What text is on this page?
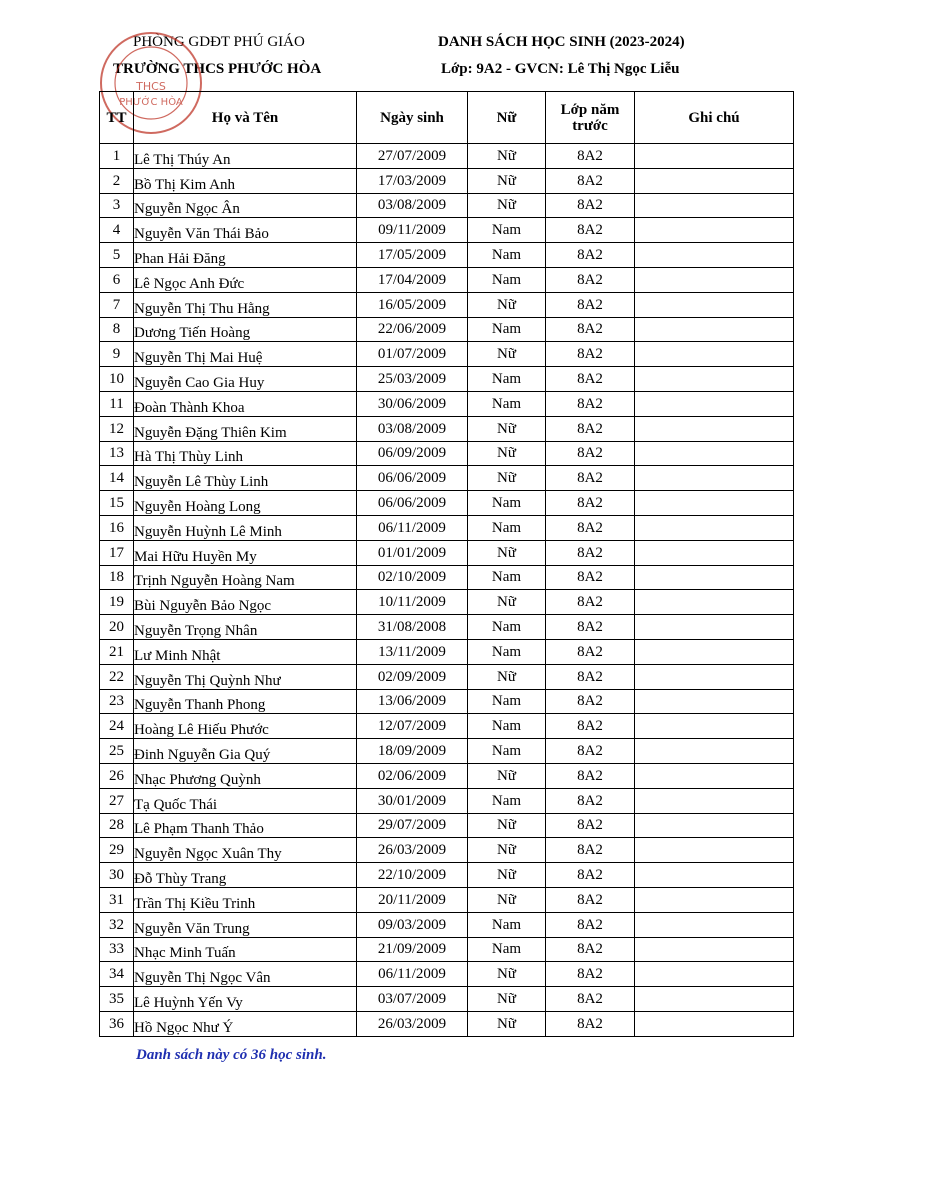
PHÒNG GDĐT PHÚ GIÁO
TRƯỜNG THCS PHƯỚC HÒA
DANH SÁCH HỌC SINH (2023-2024)
Lớp: 9A2 - GVCN: Lê Thị Ngọc Liễu
THCS
PHƯỚC HÒA
TT	Họ và Tên	Ngày sinh	Nữ	Lớp năm trước	Ghi chú
1	Lê Thị Thúy An	27/07/2009	Nữ	8A2	
2	Bồ Thị Kim Anh	17/03/2009	Nữ	8A2	
3	Nguyễn Ngọc Ân	03/08/2009	Nữ	8A2	
4	Nguyễn Văn Thái Bảo	09/11/2009	Nam	8A2	
5	Phan Hải Đăng	17/05/2009	Nam	8A2	
6	Lê Ngọc Anh Đức	17/04/2009	Nam	8A2	
7	Nguyễn Thị Thu Hằng	16/05/2009	Nữ	8A2	
8	Dương Tiến Hoàng	22/06/2009	Nam	8A2	
9	Nguyễn Thị Mai Huệ	01/07/2009	Nữ	8A2	
10	Nguyễn Cao Gia Huy	25/03/2009	Nam	8A2	
11	Đoàn Thành Khoa	30/06/2009	Nam	8A2	
12	Nguyễn Đặng Thiên Kim	03/08/2009	Nữ	8A2	
13	Hà Thị Thùy Linh	06/09/2009	Nữ	8A2	
14	Nguyễn Lê Thùy Linh	06/06/2009	Nữ	8A2	
15	Nguyễn Hoàng Long	06/06/2009	Nam	8A2	
16	Nguyễn Huỳnh Lê Minh	06/11/2009	Nam	8A2	
17	Mai Hữu Huyền My	01/01/2009	Nữ	8A2	
18	Trịnh Nguyễn Hoàng Nam	02/10/2009	Nam	8A2	
19	Bùi Nguyễn Bảo Ngọc	10/11/2009	Nữ	8A2	
20	Nguyễn Trọng Nhân	31/08/2008	Nam	8A2	
21	Lư Minh Nhật	13/11/2009	Nam	8A2	
22	Nguyễn Thị Quỳnh Như	02/09/2009	Nữ	8A2	
23	Nguyễn Thanh Phong	13/06/2009	Nam	8A2	
24	Hoàng Lê Hiếu Phước	12/07/2009	Nam	8A2	
25	Đinh Nguyễn Gia Quý	18/09/2009	Nam	8A2	
26	Nhạc Phương Quỳnh	02/06/2009	Nữ	8A2	
27	Tạ Quốc Thái	30/01/2009	Nam	8A2	
28	Lê Phạm Thanh Thảo	29/07/2009	Nữ	8A2	
29	Nguyễn Ngọc Xuân Thy	26/03/2009	Nữ	8A2	
30	Đỗ Thùy Trang	22/10/2009	Nữ	8A2	
31	Trần Thị Kiều Trinh	20/11/2009	Nữ	8A2	
32	Nguyễn Văn Trung	09/03/2009	Nam	8A2	
33	Nhạc Minh Tuấn	21/09/2009	Nam	8A2	
34	Nguyễn Thị Ngọc Vân	06/11/2009	Nữ	8A2	
35	Lê Huỳnh Yến Vy	03/07/2009	Nữ	8A2	
36	Hồ Ngọc Như Ý	26/03/2009	Nữ	8A2	
Danh sách này có 36 học sinh.
